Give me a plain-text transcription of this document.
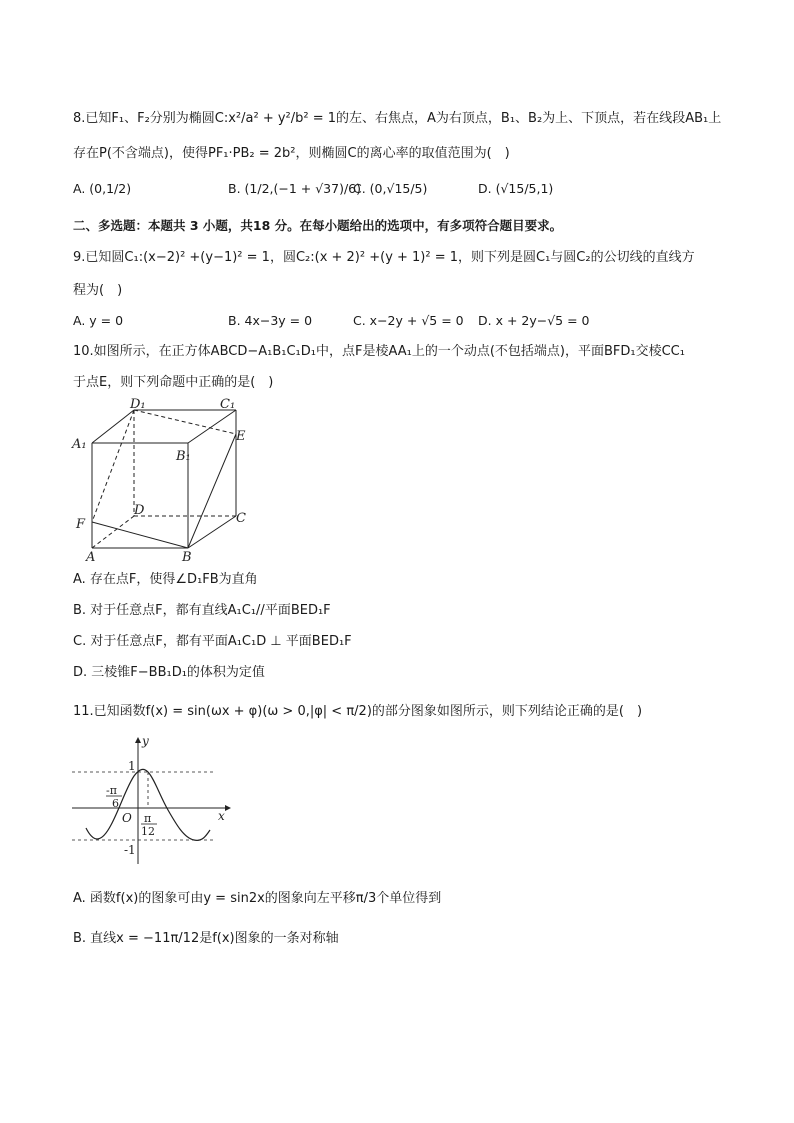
8.已知F₁、F₂分别为椭圆C:x²/a² + y²/b² = 1的左、右焦点，A为右顶点，B₁、B₂为上、下顶点，若在线段AB₁上
存在P(不含端点)，使得PF₁·PB₂ = 2b²，则椭圆C的离心率的取值范围为(　)
A. (0,1/2)	B. (1/2,(−1 + √37)/6)
C. (0,√15/5)	D. (√15/5,1)
二、多选题：本题共 3 小题，共18 分。在每小题给出的选项中，有多项符合题目要求。
9.已知圆C₁:(x−2)² +(y−1)² = 1，圆C₂:(x + 2)² +(y + 1)² = 1，则下列是圆C₁与圆C₂的公切线的直线方
程为(　)
A. y = 0	B. 4x−3y = 0	C. x−2y + √5 = 0 D. x + 2y−√5 = 0
10.如图所示，在正方体ABCD−A₁B₁C₁D₁中，点F是棱AA₁上的一个动点(不包括端点)，平面BFD₁交棱CC₁
于点E，则下列命题中正确的是(　)
D₁	C₁
A₁
B₁
E
D
C
F
A	B
A. 存在点F，使得∠D₁FB为直角
B. 对于任意点F，都有直线A₁C₁//平面BED₁F
C. 对于任意点F，都有平面A₁C₁D ⊥ 平面BED₁F
D. 三棱锥F−BB₁D₁的体积为定值
11.已知函数f(x) = sin(ωx + φ)(ω > 0,|φ| < π/2)的部分图象如图所示，则下列结论正确的是(　)
y
x
1
-1
O
-π
6
π
12
A. 函数f(x)的图象可由y = sin2x的图象向左平移π/3个单位得到
B. 直线x = −11π/12是f(x)图象的一条对称轴
